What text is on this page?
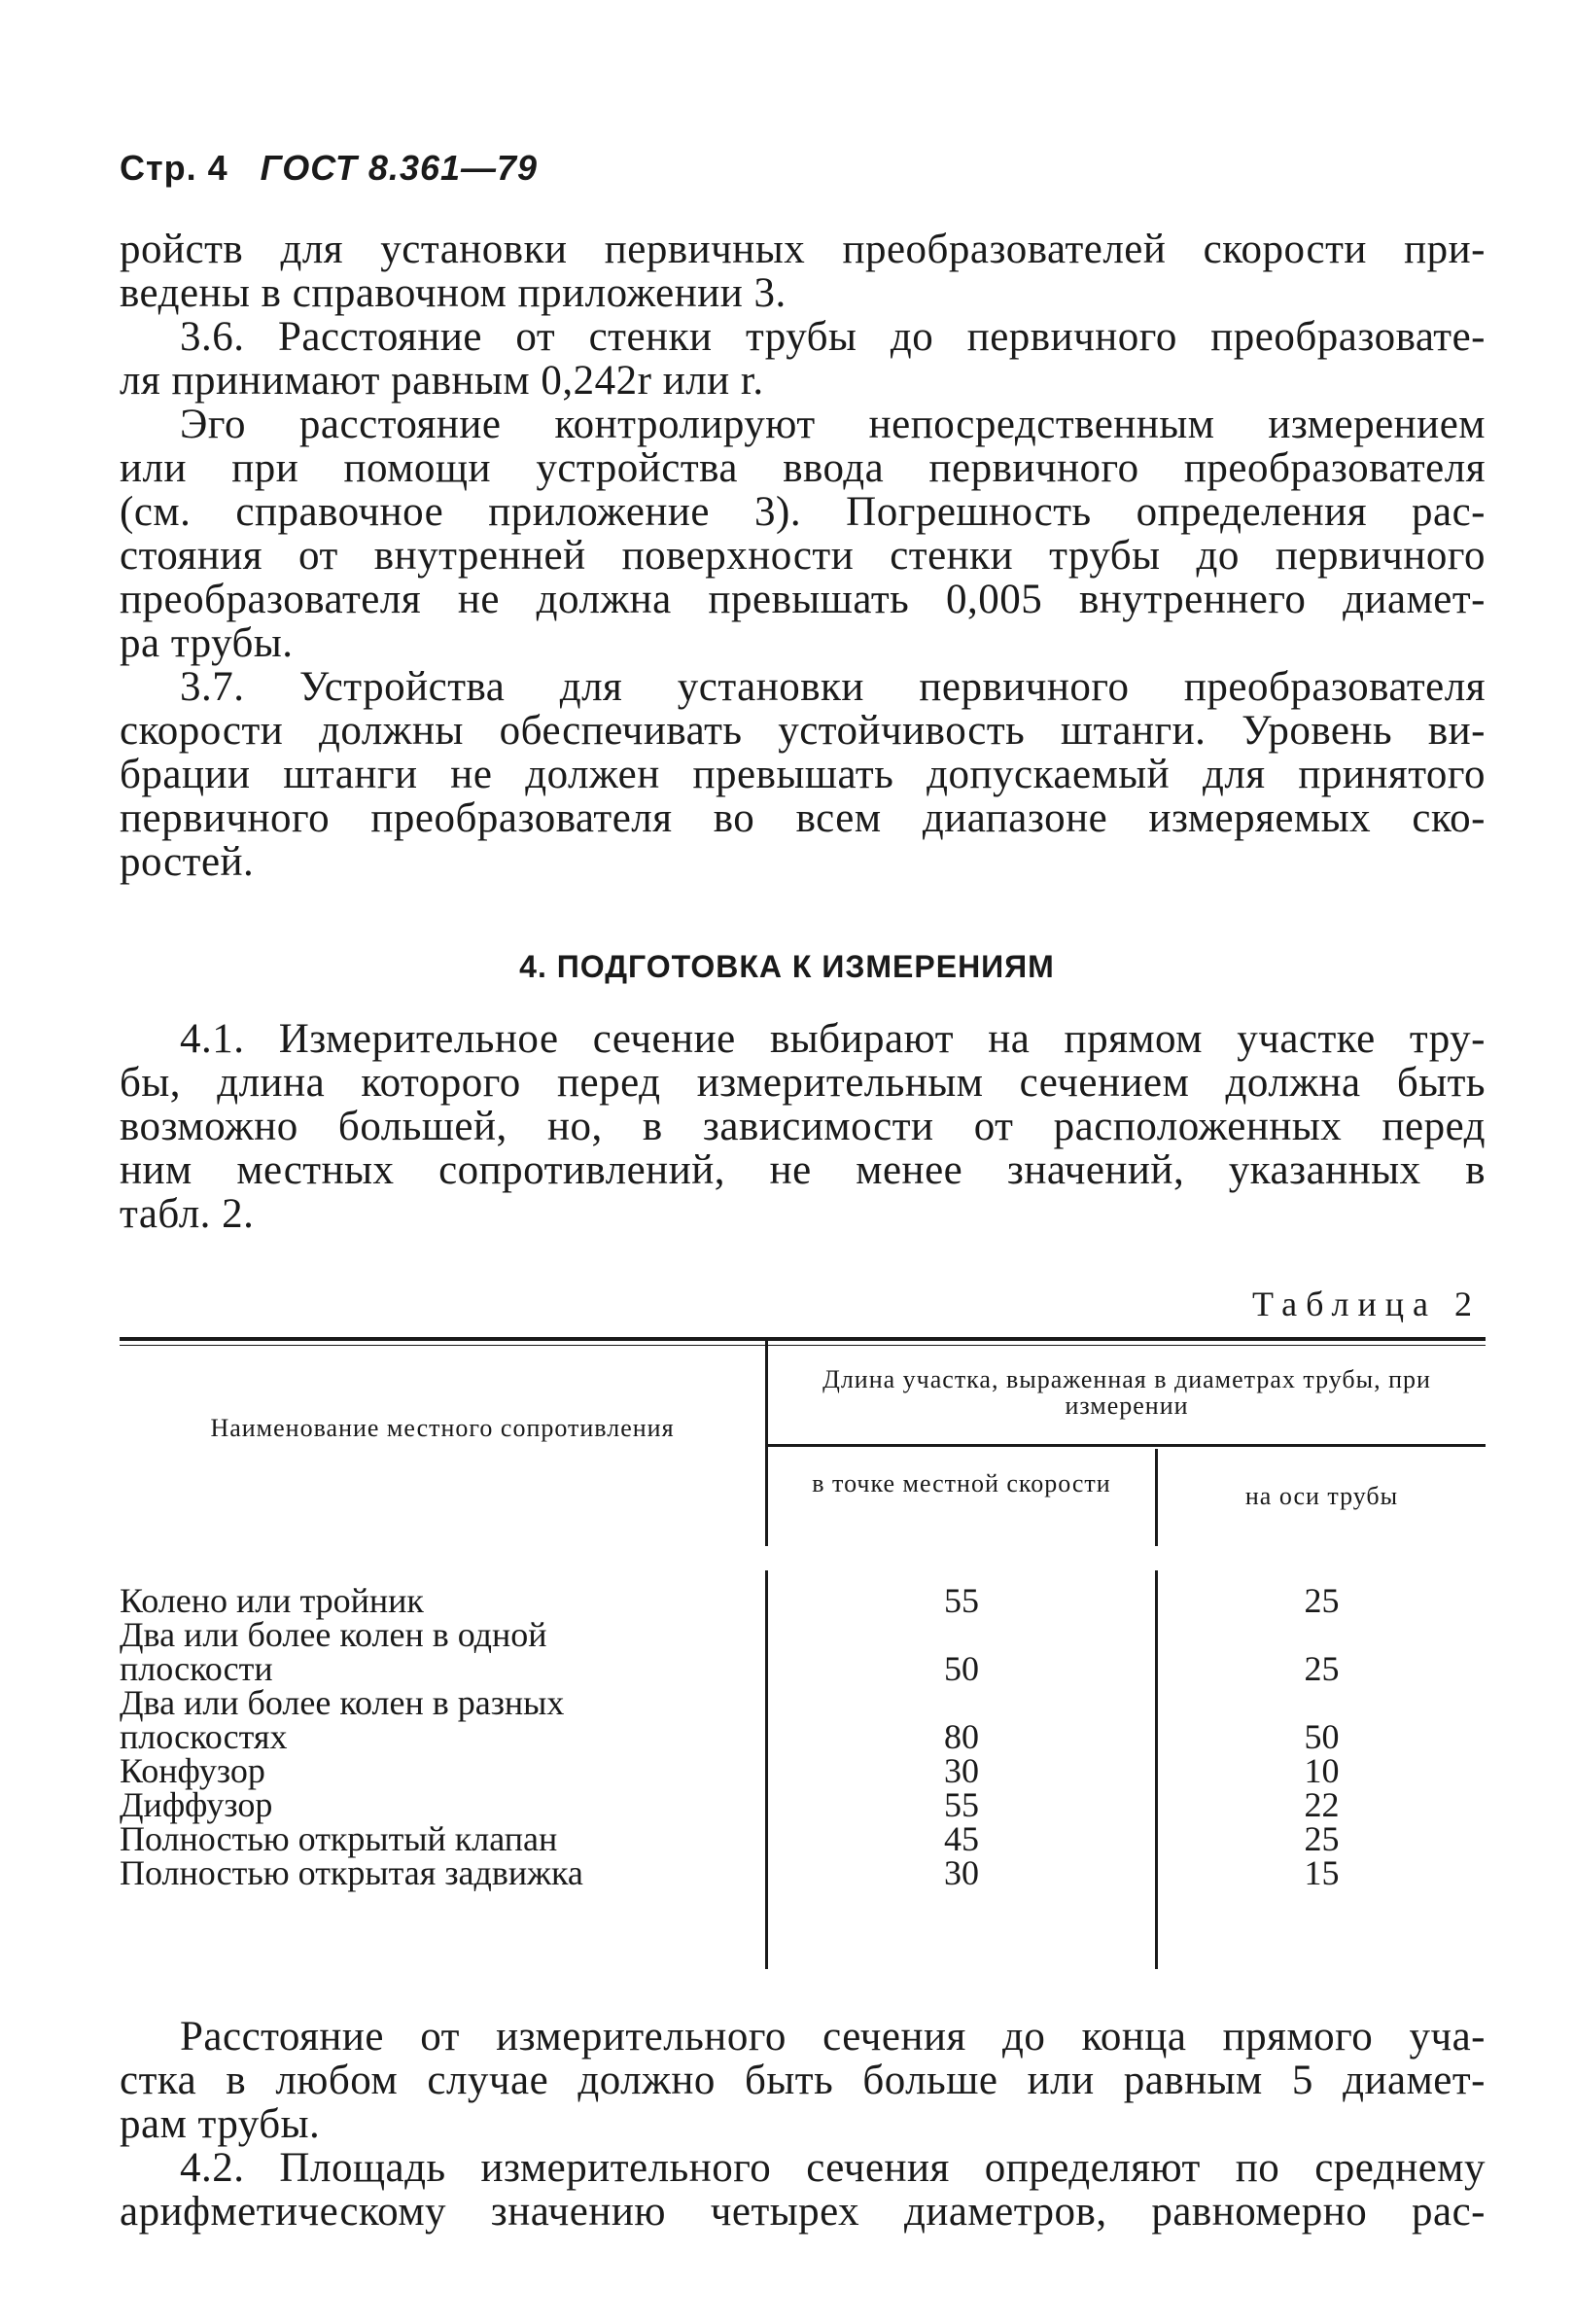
Стр. 4 ГОСТ 8.361—79

ройств для установки первичных преобразователей скорости при-

ведены в справочном приложении 3.

3.6. Расстояние от стенки трубы до первичного преобразовате-

ля принимают равным 0,242r или r.

Эго расстояние контролируют непосредственным измерением

или при помощи устройства ввода первичного преобразователя

(см. справочное приложение 3). Погрешность определения рас-

стояния от внутренней поверхности стенки трубы до первичного

преобразователя не должна превышать 0,005 внутреннего диамет-

ра трубы.

3.7. Устройства для установки первичного преобразователя

скорости должны обеспечивать устойчивость штанги. Уровень ви-

брации штанги не должен превышать допускаемый для принятого

первичного преобразователя во всем диапазоне измеряемых ско-

ростей.

4. ПОДГОТОВКА К ИЗМЕРЕНИЯМ

4.1. Измерительное сечение выбирают на прямом участке тру-

бы, длина которого перед измерительным сечением должна быть

возможно большей, но, в зависимости от расположенных перед

ним местных сопротивлений, не менее значений, указанных в

табл. 2.

Таблица 2
Наименование местного сопротивления
Длина участка, выраженная в диаметрах трубы, при измерении
в точке местной скорости	на оси трубы
Колено или тройник	55	25
Два или более колен в одной
плоскости	50	25
Два или более колен в разных
плоскостях	80	50
Конфузор	30	10
Диффузор	55	22
Полностью открытый клапан	45	25
Полностью открытая задвижка	30	15

Расстояние от измерительного сечения до конца прямого уча-

стка в любом случае должно быть больше или равным 5 диамет-

рам трубы.

4.2. Площадь измерительного сечения определяют по среднему

арифметическому значению четырех диаметров, равномерно рас-
